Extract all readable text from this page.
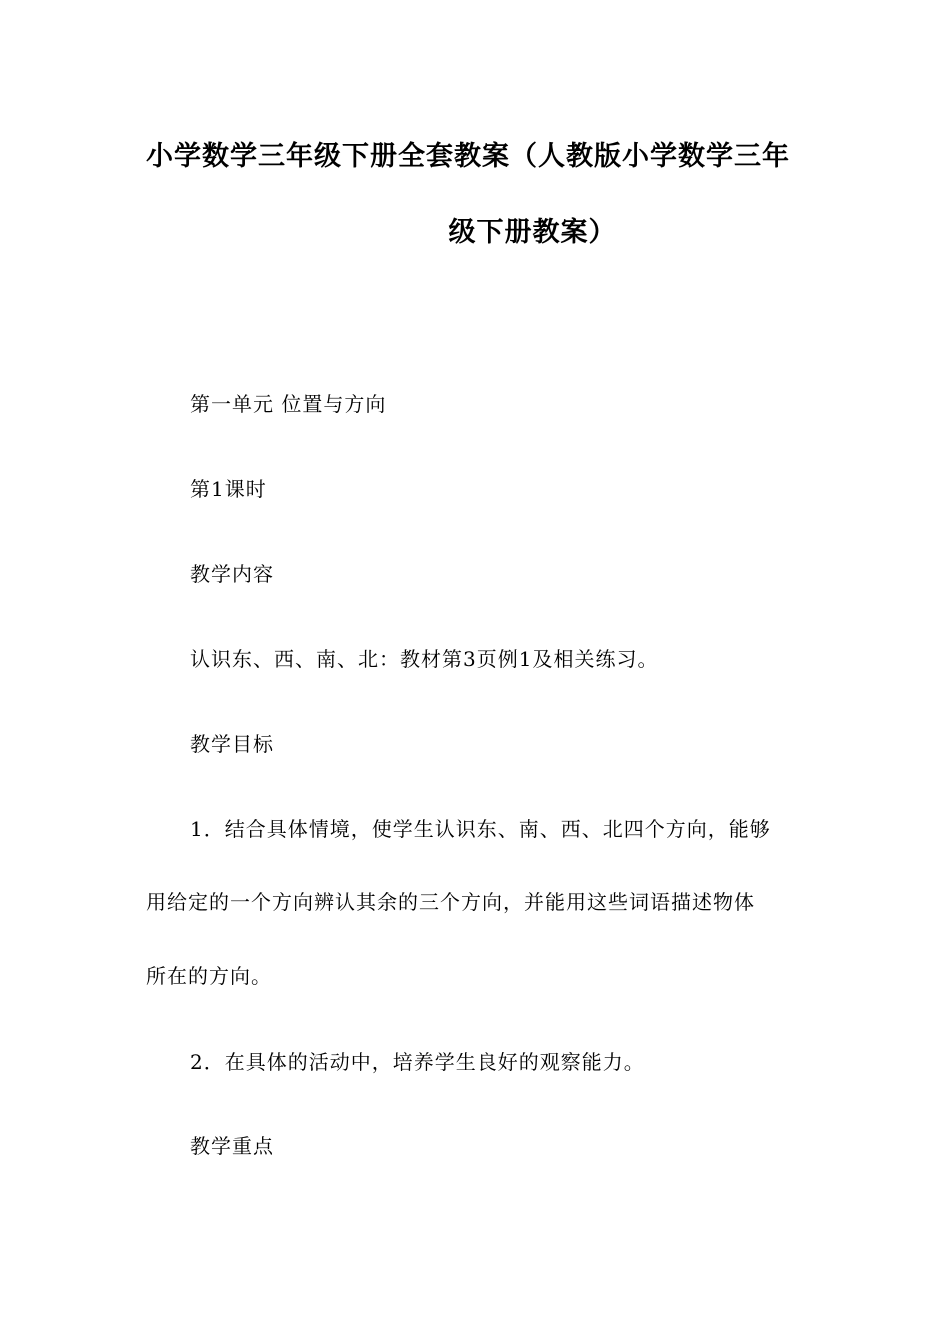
小学数学三年级下册全套教案（人教版小学数学三年
级下册教案）
第一单元 位置与方向
第1课时
教学内容
认识东、西、南、北：教材第3页例1及相关练习。
教学目标
1．结合具体情境，使学生认识东、南、西、北四个方向，能够
用给定的一个方向辨认其余的三个方向，并能用这些词语描述物体
所在的方向。
2．在具体的活动中，培养学生良好的观察能力。
教学重点
